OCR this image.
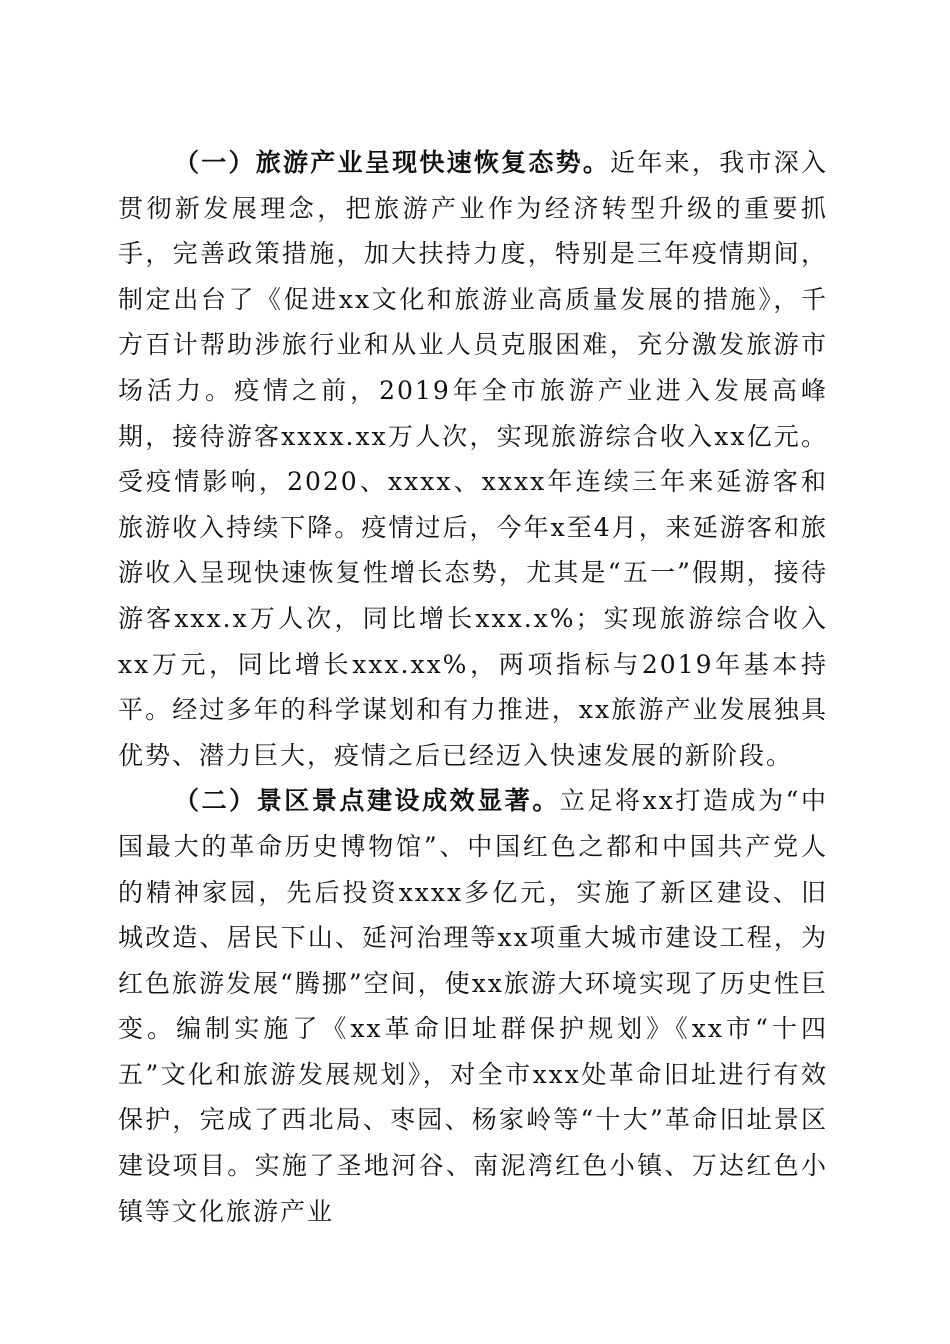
（一）旅游产业呈现快速恢复态势。近年来，我市深入贯彻新发展理念，把旅游产业作为经济转型升级的重要抓手，完善政策措施，加大扶持力度，特别是三年疫情期间，制定出台了《促进xx文化和旅游业高质量发展的措施》，千方百计帮助涉旅行业和从业人员克服困难，充分激发旅游市场活力。疫情之前，2019年全市旅游产业进入发展高峰期，接待游客xxxx.xx万人次，实现旅游综合收入xx亿元。受疫情影响，2020、xxxx、xxxx年连续三年来延游客和旅游收入持续下降。疫情过后，今年x至4月，来延游客和旅游收入呈现快速恢复性增长态势，尤其是“五一”假期，接待游客xxx.x万人次，同比增长xxx.x%；实现旅游综合收入xx万元，同比增长xxx.xx%，两项指标与2019年基本持平。经过多年的科学谋划和有力推进，xx旅游产业发展独具优势、潜力巨大，疫情之后已经迈入快速发展的新阶段。

（二）景区景点建设成效显著。立足将xx打造成为“中国最大的革命历史博物馆”、中国红色之都和中国共产党人的精神家园，先后投资xxxx多亿元，实施了新区建设、旧城改造、居民下山、延河治理等xx项重大城市建设工程，为红色旅游发展“腾挪”空间，使xx旅游大环境实现了历史性巨变。编制实施了《xx革命旧址群保护规划》《xx市“十四五”文化和旅游发展规划》，对全市xxx处革命旧址进行有效保护，完成了西北局、枣园、杨家岭等“十大”革命旧址景区建设项目。实施了圣地河谷、南泥湾红色小镇、万达红色小镇等文化旅游产业
